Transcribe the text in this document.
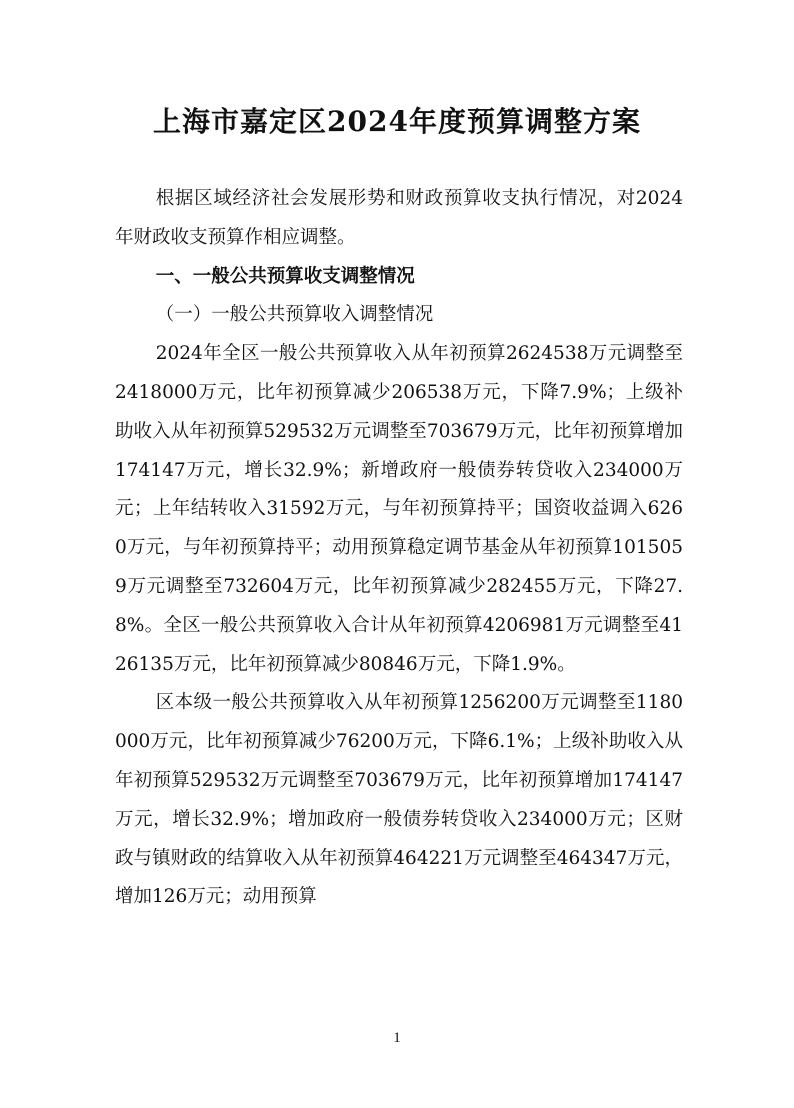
上海市嘉定区2024年度预算调整方案

根据区域经济社会发展形势和财政预算收支执行情况，对2024年财政收支预算作相应调整。

一、一般公共预算收支调整情况
（一）一般公共预算收入调整情况

2024年全区一般公共预算收入从年初预算2624538万元调整至2418000万元，比年初预算减少206538万元，下降7.9%；上级补助收入从年初预算529532万元调整至703679万元，比年初预算增加174147万元，增长32.9%；新增政府一般债券转贷收入234000万元；上年结转收入31592万元，与年初预算持平；国资收益调入6260万元，与年初预算持平；动用预算稳定调节基金从年初预算1015059万元调整至732604万元，比年初预算减少282455万元，下降27.8%。全区一般公共预算收入合计从年初预算4206981万元调整至4126135万元，比年初预算减少80846万元，下降1.9%。

区本级一般公共预算收入从年初预算1256200万元调整至1180000万元，比年初预算减少76200万元，下降6.1%；上级补助收入从年初预算529532万元调整至703679万元，比年初预算增加174147万元，增长32.9%；增加政府一般债券转贷收入234000万元；区财政与镇财政的结算收入从年初预算464221万元调整至464347万元，增加126万元；动用预算

1
